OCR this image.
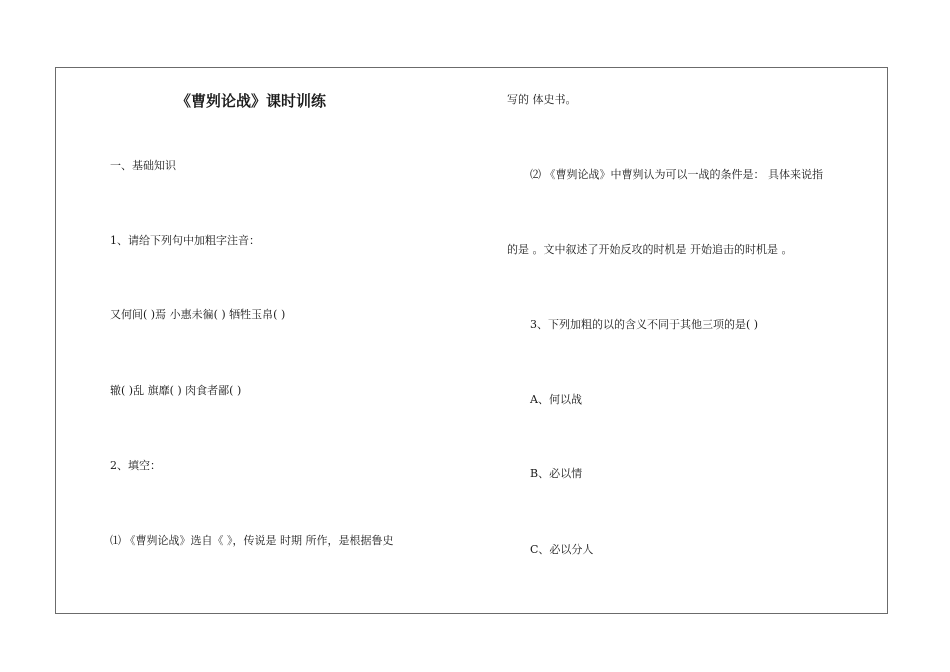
《曹刿论战》课时训练
一、基础知识
1、请给下列句中加粗字注音：
又何间( )焉 小惠未徧( ) 牺牲玉帛( )
辙( )乱 旗靡( ) 肉食者鄙( )
2、填空：
⑴ 《曹刿论战》选自《 》，传说是 时期 所作，是根据鲁史
写的 体史书。
⑵ 《曹刿论战》中曹刿认为可以一战的条件是： 具体来说指
的是 。文中叙述了开始反攻的时机是 开始追击的时机是 。
3、下列加粗的以的含义不同于其他三项的是( )
A、何以战
B、必以情
C、必以分人
